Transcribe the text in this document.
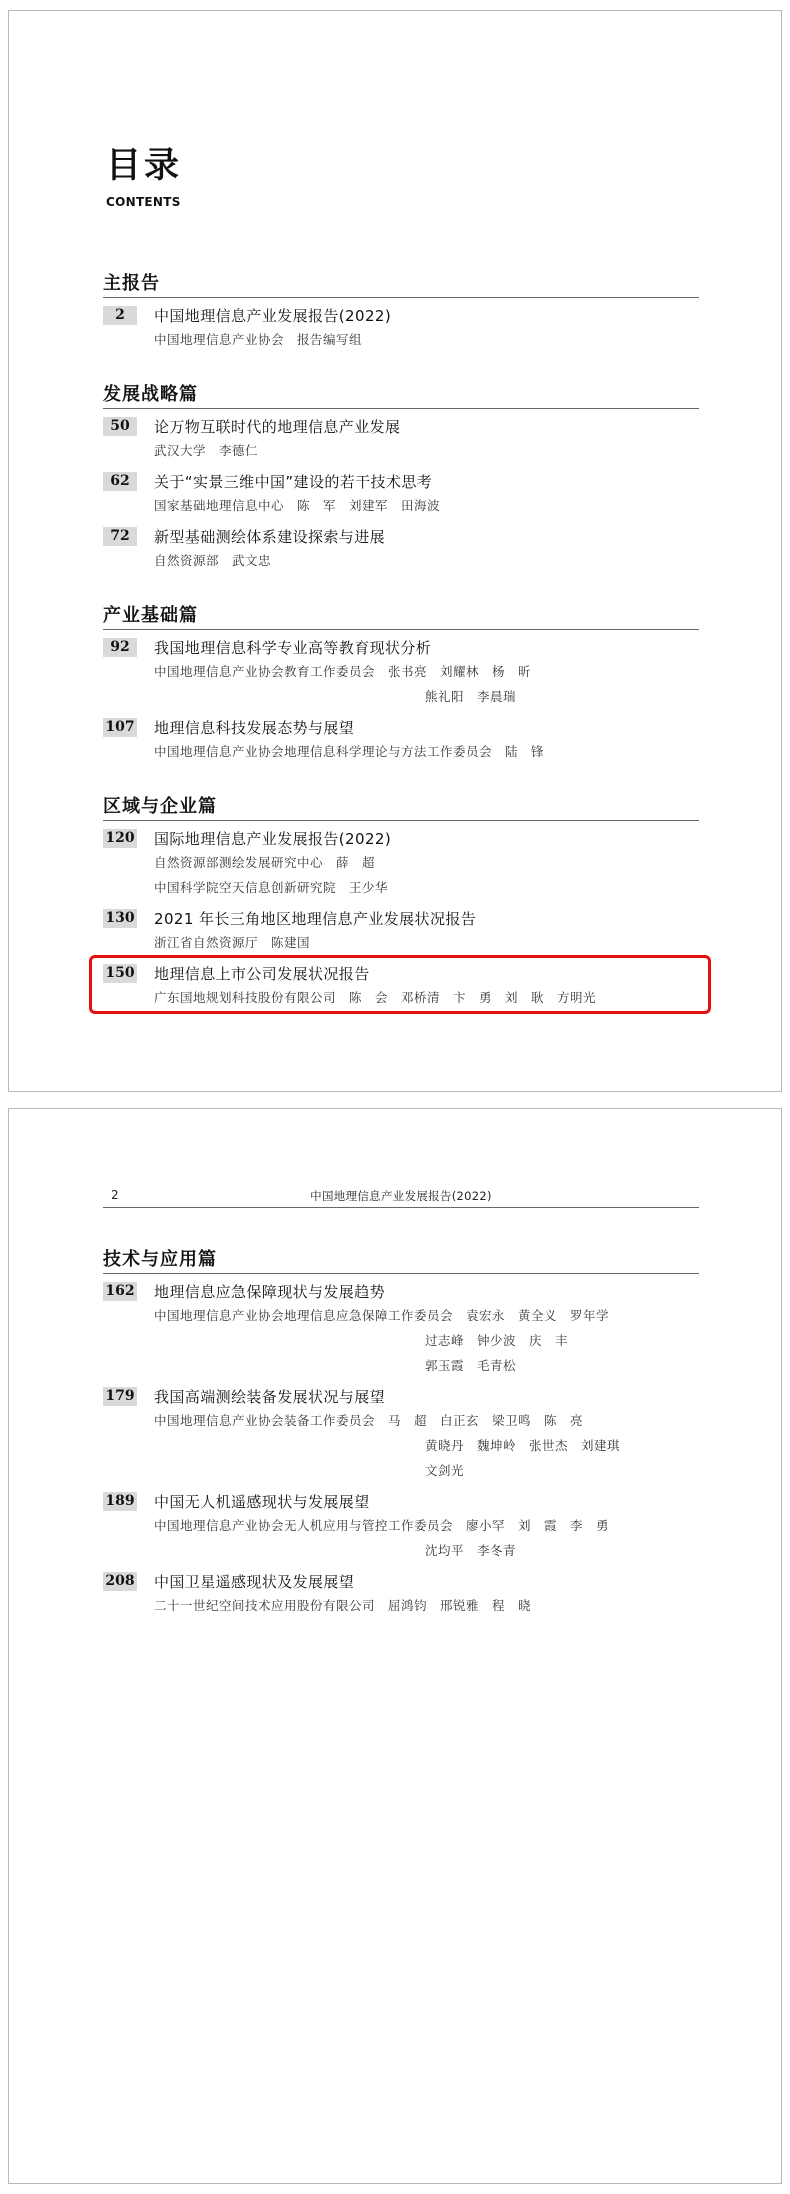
目录
CONTENTS
主报告
2	中国地理信息产业发展报告(2022)
中国地理信息产业协会　报告编写组
发展战略篇
50	论万物互联时代的地理信息产业发展
武汉大学　李德仁
62	关于“实景三维中国”建设的若干技术思考
国家基础地理信息中心　陈　军　刘建军　田海波
72	新型基础测绘体系建设探索与进展
自然资源部　武文忠
产业基础篇
92	我国地理信息科学专业高等教育现状分析
中国地理信息产业协会教育工作委员会　张书亮　刘耀林　杨　昕
熊礼阳　李晨瑞
107 地理信息科技发展态势与展望
中国地理信息产业协会地理信息科学理论与方法工作委员会　陆　锋
区域与企业篇
120 国际地理信息产业发展报告(2022)
自然资源部测绘发展研究中心　薛　超
中国科学院空天信息创新研究院　王少华
130 2021 年长三角地区地理信息产业发展状况报告
浙江省自然资源厅　陈建国
150 地理信息上市公司发展状况报告
广东国地规划科技股份有限公司　陈　会　邓桥清　卞　勇　刘　耿　方明光
2	中国地理信息产业发展报告(2022)
技术与应用篇
162 地理信息应急保障现状与发展趋势
中国地理信息产业协会地理信息应急保障工作委员会　袁宏永　黄全义　罗年学
过志峰　钟少波　庆　丰
郭玉霞　毛青松
179 我国高端测绘装备发展状况与展望
中国地理信息产业协会装备工作委员会　马　超　白正玄　梁卫鸣　陈　亮
黄晓丹　魏坤岭　张世杰　刘建琪
文剑光
189 中国无人机遥感现状与发展展望
中国地理信息产业协会无人机应用与管控工作委员会　廖小罕　刘　霞　李　勇
沈均平　李冬青
208 中国卫星遥感现状及发展展望
二十一世纪空间技术应用股份有限公司　屈鸿钧　邢锐雅　程　晓
